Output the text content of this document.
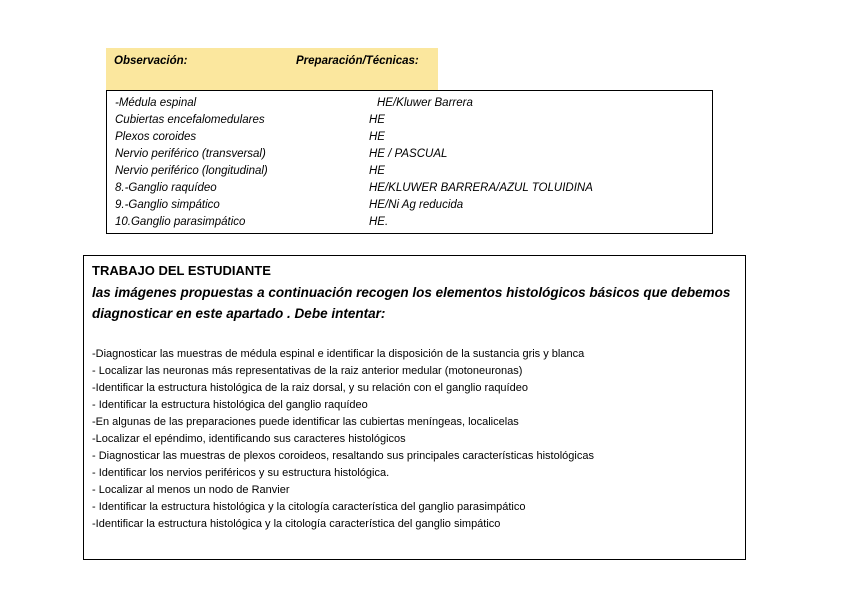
Observación:	Preparación/Técnicas:
-Médula espinal	HE/Kluwer Barrera
Cubiertas encefalomedulares	HE
Plexos coroides	HE
Nervio periférico (transversal)	HE / PASCUAL
Nervio periférico (longitudinal)	HE
8.-Ganglio raquídeo	HE/KLUWER BARRERA/AZUL TOLUIDINA
9.-Ganglio simpático	HE/Ni Ag reducida
10.Ganglio parasimpático	HE.
TRABAJO DEL ESTUDIANTE
las imágenes propuestas a continuación recogen los elementos histológicos básicos que debemos diagnosticar en este apartado . Debe intentar:
-Diagnosticar las muestras de médula espinal e identificar la disposición de la sustancia gris y blanca
- Localizar las neuronas más representativas de la raiz anterior medular (motoneuronas)
-Identificar la estructura histológica de la raiz dorsal, y su relación con el ganglio raquídeo
- Identificar la estructura histológica del ganglio raquídeo
-En algunas de las preparaciones puede identificar las cubiertas meníngeas, localicelas
-Localizar el epéndimo, identificando sus caracteres histológicos
- Diagnosticar las muestras de plexos coroideos, resaltando sus principales características histológicas
- Identificar los nervios periféricos y su estructura histológica.
- Localizar al menos un nodo de Ranvier
- Identificar la estructura histológica y la citología característica del ganglio parasimpático
-Identificar la estructura histológica y la citología característica del ganglio simpático
